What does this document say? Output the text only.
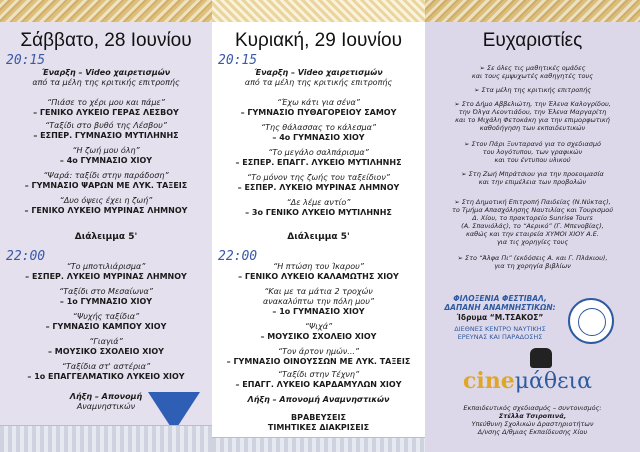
Σάββατο, 28 Ιουνίου
20:15
Έναρξη – Video χαιρετισμών
από τα μέλη της κριτικής επιτροπής
“Πιάσε το χέρι μου και πάμε”
– ΓΕΝΙΚΟ ΛΥΚΕΙΟ ΓΕΡΑΣ ΛΕΣΒΟΥ
“Ταξίδι στο βυθό της Λέσβου”
– ΕΣΠΕΡ. ΓΥΜΝΑΣΙΟ ΜΥΤΙΛΗΝΗΣ
“Η ζωή μου όλη”
– 4ο ΓΥΜΝΑΣΙΟ ΧΙΟΥ
“Ψαρά: ταξίδι στην παράδοση”
– ΓΥΜΝΑΣΙΟ ΨΑΡΩΝ ΜΕ ΛΥΚ. ΤΑΞΕΙΣ
“Δυο όψεις έχει η ζωή”
– ΓΕΝΙΚΟ ΛΥΚΕΙΟ ΜΥΡΙΝΑΣ ΛΗΜΝΟΥ
Διάλειμμα 5'
22:00
“Το μποτιλιάρισμα”
– ΕΣΠΕΡ. ΛΥΚΕΙΟ ΜΥΡΙΝΑΣ ΛΗΜΝΟΥ
“Ταξίδι στο Μεσαίωνα”
– 1ο ΓΥΜΝΑΣΙΟ ΧΙΟΥ
“Ψυχής ταξίδια”
– ΓΥΜΝΑΣΙΟ ΚΑΜΠΟΥ ΧΙΟΥ
“Γιαγιά”
– ΜΟΥΣΙΚΟ ΣΧΟΛΕΙΟ ΧΙΟΥ
“Ταξίδια στ' αστέρια”
– 1ο ΕΠΑΓΓΕΛΜΑΤΙΚΟ ΛΥΚΕΙΟ ΧΙΟΥ
Λήξη – Απονομή
Αναμνηστικών
Κυριακή, 29 Ιουνίου
20:15
Έναρξη – Video χαιρετισμών
από τα μέλη της κριτικής επιτροπής
“Έχω κάτι για σένα”
– ΓΥΜΝΑΣΙΟ ΠΥΘΑΓΟΡΕΙΟΥ ΣΑΜΟΥ
“Της θάλασσας το κάλεσμα”
– 4ο ΓΥΜΝΑΣΙΟ ΧΙΟΥ
“Το μεγάλο σαλπάρισμα”
– ΕΣΠΕΡ. ΕΠΑΓΓ. ΛΥΚΕΙΟ ΜΥΤΙΛΗΝΗΣ
“Το μόνον της ζωής του ταξείδιον”
– ΕΣΠΕΡ. ΛΥΚΕΙΟ ΜΥΡΙΝΑΣ ΛΗΜΝΟΥ
“Δε λέμε αντίο”
– 3ο ΓΕΝΙΚΟ ΛΥΚΕΙΟ ΜΥΤΙΛΗΝΗΣ
Διάλειμμα 5'
22:00
“Η πτώση του Ίκαρου”
– ΓΕΝΙΚΟ ΛΥΚΕΙΟ ΚΑΛΑΜΩΤΗΣ ΧΙΟΥ
“Και με τα μάτια 2 τροχών
ανακαλύπτω την πόλη μου”
– 1ο ΓΥΜΝΑΣΙΟ ΧΙΟΥ
“Ψιχά”
– ΜΟΥΣΙΚΟ ΣΧΟΛΕΙΟ ΧΙΟΥ
“Τον άρτον ημών...”
– ΓΥΜΝΑΣΙΟ ΟΙΝΟΥΣΣΩΝ ΜΕ ΛΥΚ. ΤΑΞΕΙΣ
“Ταξίδι στην Τέχνη”
– ΕΠΑΓΓ. ΛΥΚΕΙΟ ΚΑΡΔΑΜΥΛΩΝ ΧΙΟΥ
Λήξη – Απονομή Αναμνηστικών
ΒΡΑΒΕΥΣΕΙΣ
ΤΙΜΗΤΙΚΕΣ ΔΙΑΚΡΙΣΕΙΣ
Ευχαριστίες
➢ Σε όλες τις μαθητικές ομάδες
και τους εμψυχωτές καθηγητές τους
➢ Στα μέλη της κριτικής επιτροπής
➢ Στο Δήμο Αββελιώτη, την Έλενα Καλογρίδου,
την Όλγα Λεοντιάδου, την Έλενα Μαργαρίτη
και το Μιχάλη Φετοκάκη για την επιμορφωτική
καθοδήγηση των εκπαιδευτικών
➢ Στον Πάρι Ξυνταρανό για το σχεδιασμό
του λογότυπου, των γραφικών
και του έντυπου υλικού
➢ Στη Ζωή Μπράτσιου για την προεοιμασία
και την επιμέλεια των προβολών
➢ Στη Δημοτική Επιτροπή Παιδείας (Ν.Νύκτας),
το Τμήμα Απασχόλησης Ναυτιλίας και Τουρισμού
Δ. Χίου, το πρακτορείο Sunrise Tours
(Α. Σπανιόλάς), το “Αερικό” (Γ. Μπενοβίας),
καθώς και την εταιρεία ΧΥΜΟΙ ΧΙΟΥ Α.Ε.
για τις χορηγίες τους
➢ Στο “Άλφα Πι” (εκδόσεις Α. και Γ. Πλάκιου),
για τη χορηγία βιβλίων
ΦΙΛΟΞΕΝΙΑ ΦΕΣΤΙΒΑΛ,
ΔΑΠΑΝΗ ΑΝΑΜΝΗΣΤΙΚΩΝ:
Ίδρυμα “Μ.ΤΣΑΚΟΣ”
ΔΙΕΘΝΕΣ ΚΕΝΤΡΟ ΝΑΥΤΙΚΗΣ
ΕΡΕΥΝΑΣ ΚΑΙ ΠΑΡΑΔΟΣΗΣ
cineμάθεια
Εκπαιδευτικός σχεδιασμός – συντονισμός:
Στέλλα Τσιροπινά,
Υπεύθυνη Σχολικών Δραστηριοτήτων
Δ/νσης Δ/θμιας Εκπαίδευσης Χίου
